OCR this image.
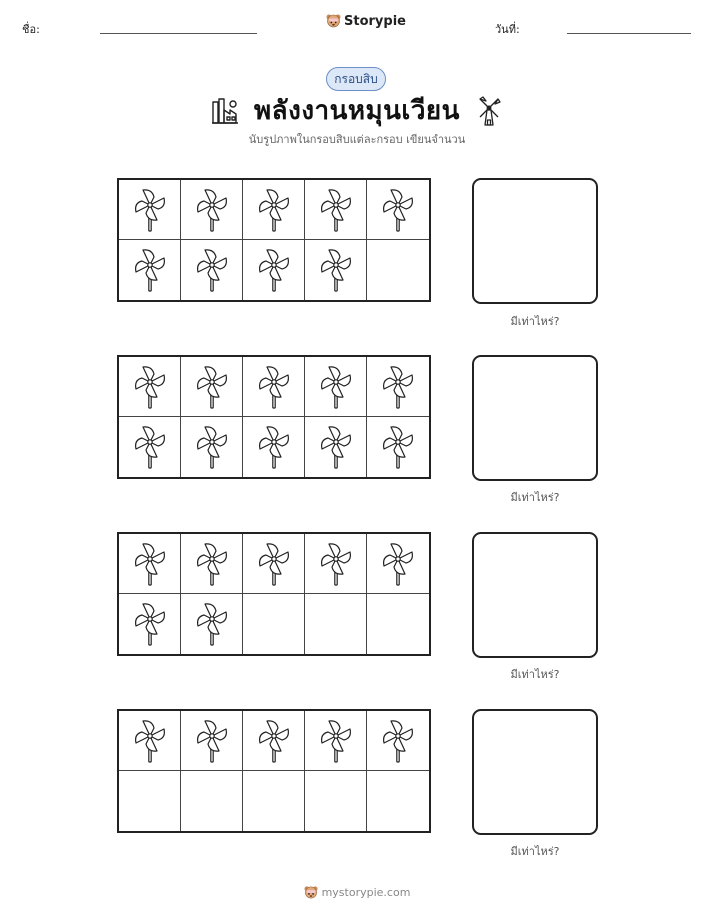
ชื่อ:
Storypie
วันที่:
กรอบสิบ
พลังงานหมุนเวียน
นับรูปภาพในกรอบสิบแต่ละกรอบ เขียนจำนวน
มีเท่าไหร่?
มีเท่าไหร่?
มีเท่าไหร่?
มีเท่าไหร่?
mystorypie.com
